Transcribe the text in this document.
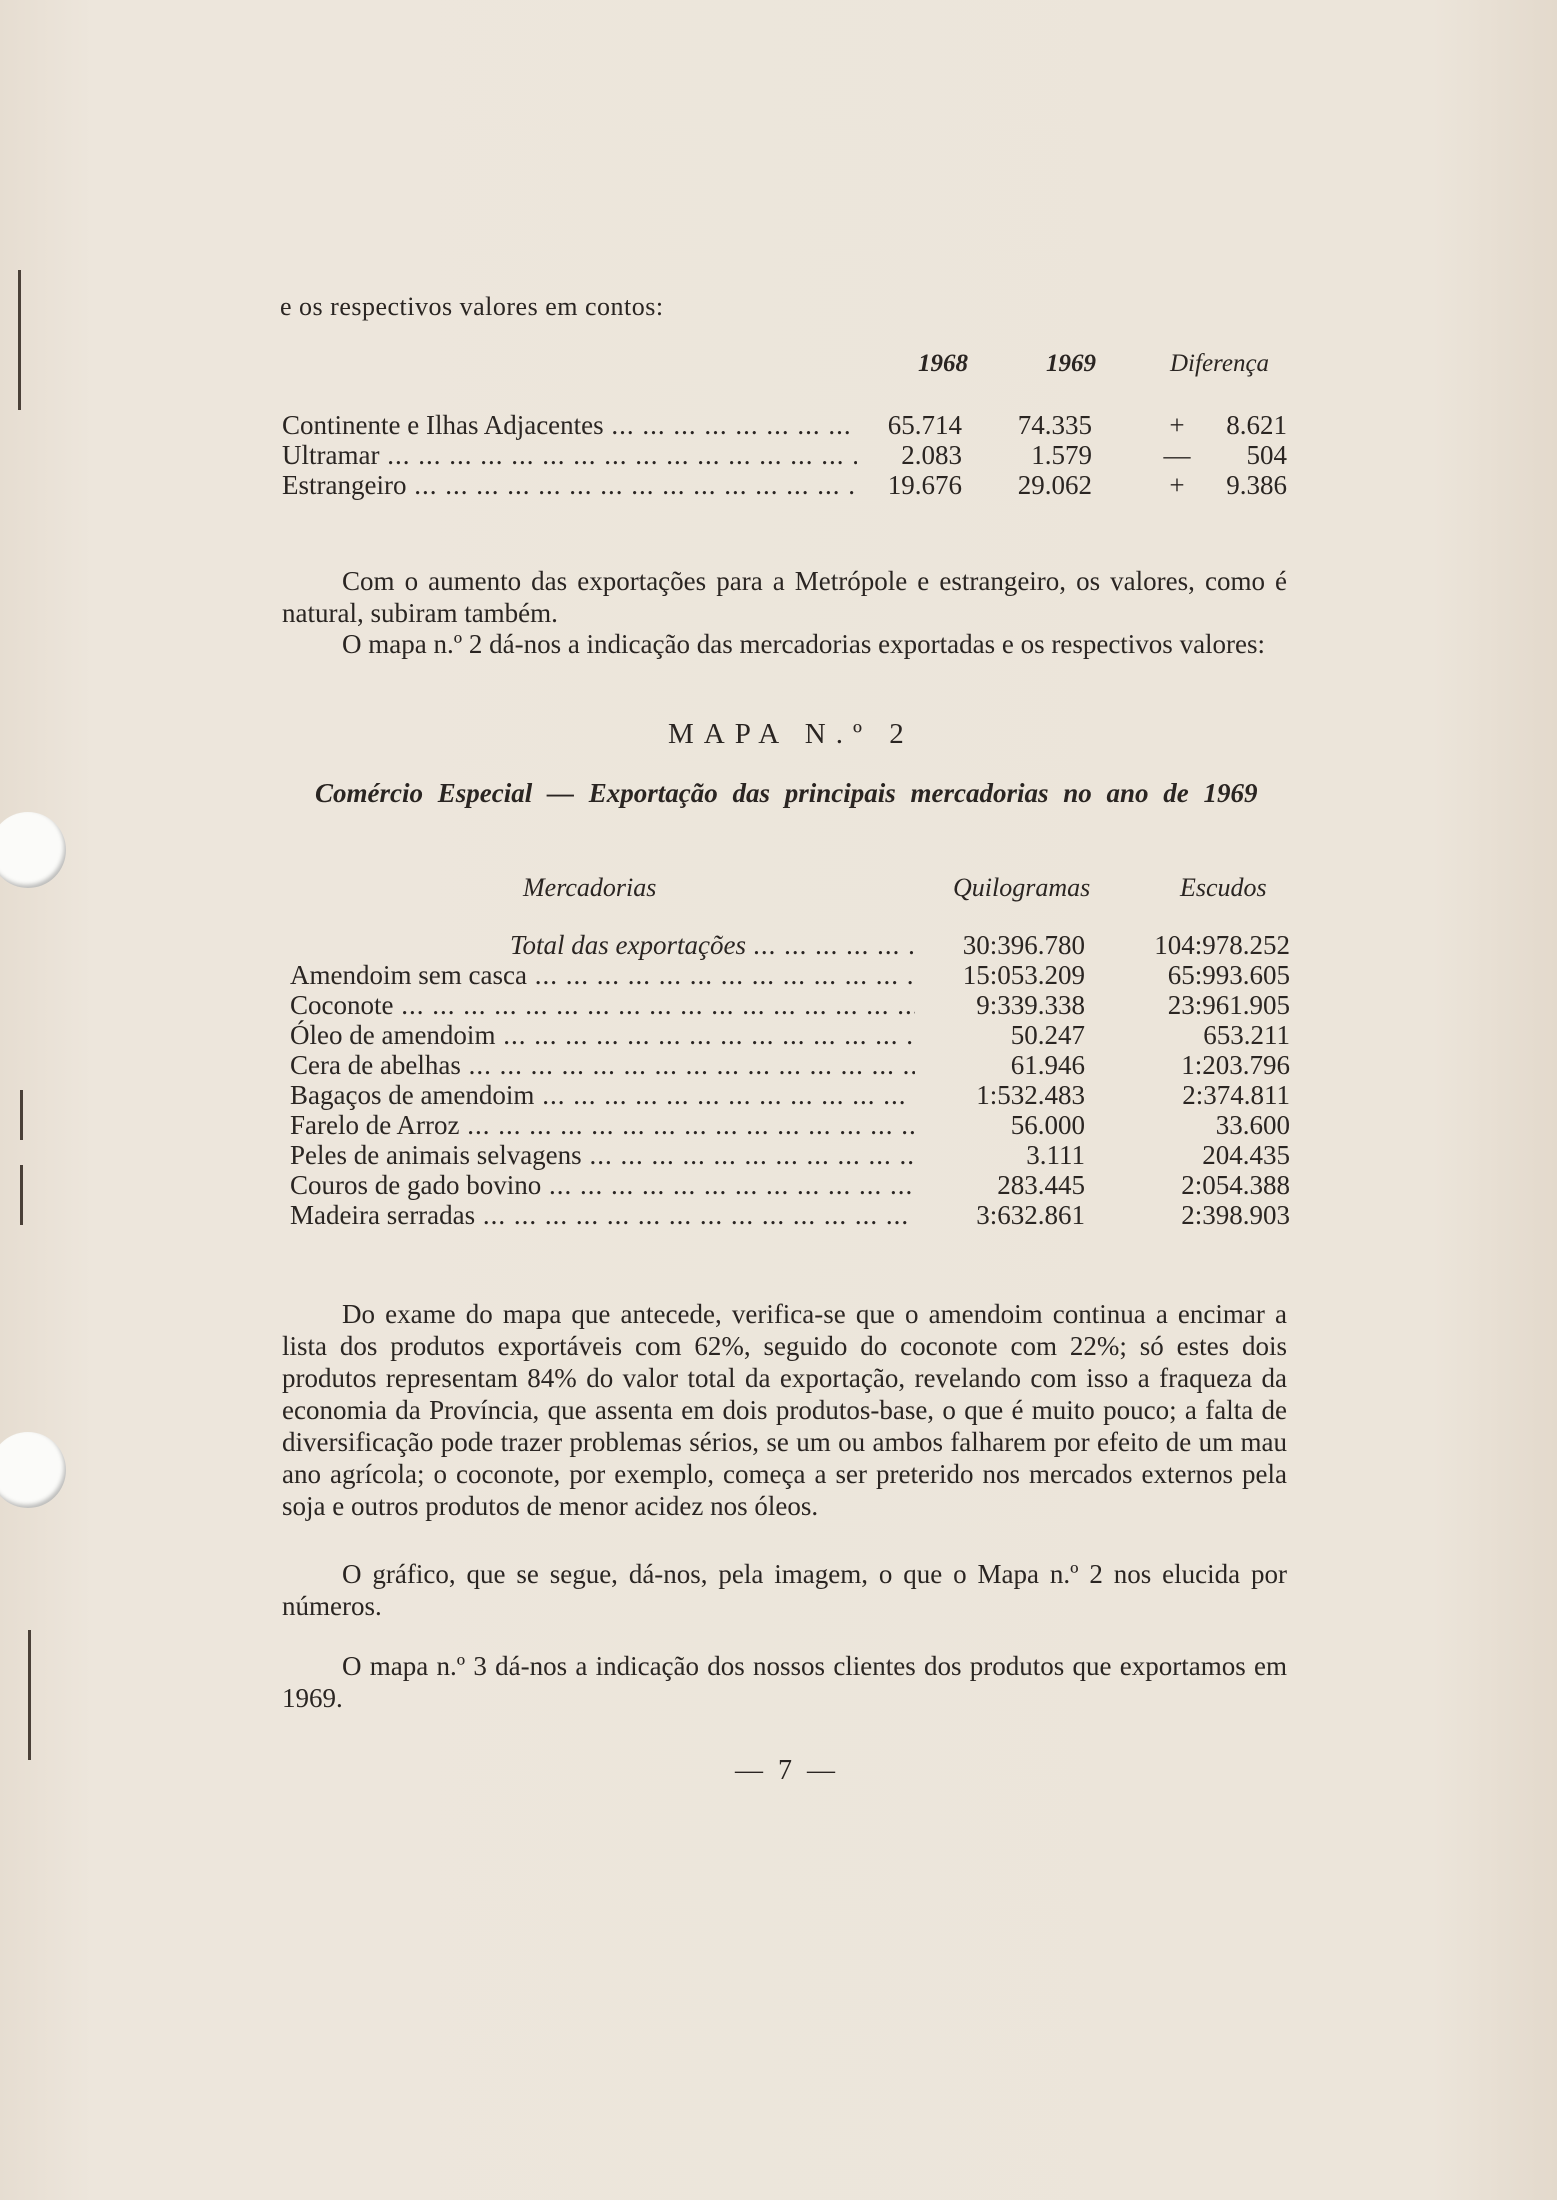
e os respectivos valores em contos:
1968	1969	Diferença
Continente e Ilhas Adjacentes ... .	65.714	74.335	+	8.621
Ultramar ... .	2.083	1.579	—	504
Estrangeiro ... .	19.676	29.062	+	9.386
Com o aumento das exportações para a Metrópole e estrangeiro, os valores, como é natural, subiram também.
O mapa n.º 2 dá-nos a indicação das mercadorias exportadas e os respectivos valores:
MAPA N.º 2
Comércio Especial — Exportação das principais mercadorias no ano de 1969
Mercadorias	Quilogramas	Escudos
Total das exportações ... .	30:396.780	104:978.252
Amendoim sem casca ... .	15:053.209	65:993.605
Coconote ... .	9:339.338	23:961.905
Óleo de amendoim ... .	50.247	653.211
Cera de abelhas ... .	61.946	1:203.796
Bagaços de amendoim ... .	1:532.483	2:374.811
Farelo de Arroz ... .	56.000	33.600
Peles de animais selvagens ... .	3.111	204.435
Couros de gado bovino ... .	283.445	2:054.388
Madeira serradas ... .	3:632.861	2:398.903
Do exame do mapa que antecede, verifica-se que o amendoim continua a encimar a lista dos produtos exportáveis com 62%, seguido do coconote com 22%; só estes dois produtos representam 84% do valor total da exportação, revelando com isso a fraqueza da economia da Província, que assenta em dois produtos-base, o que é muito pouco; a falta de diversificação pode trazer problemas sérios, se um ou ambos falharem por efeito de um mau ano agrícola; o coconote, por exemplo, começa a ser preterido nos mercados externos pela soja e outros produtos de menor acidez nos óleos.
O gráfico, que se segue, dá-nos, pela imagem, o que o Mapa n.º 2 nos elucida por números.
O mapa n.º 3 dá-nos a indicação dos nossos clientes dos produtos que exportamos em 1969.
— 7 —
